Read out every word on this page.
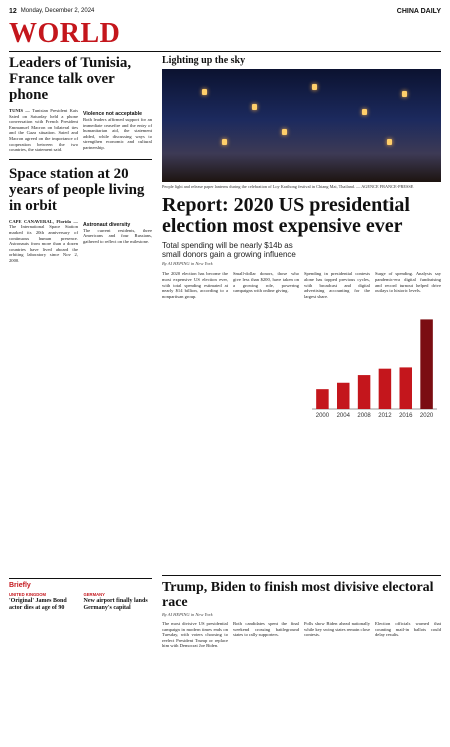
12 Monday, December 2, 2024	CHINA DAILY
WORLD
Leaders of Tunisia, France talk over phone
TUNIS — Tunisian President Kais Saied on Saturday held a phone conversation with French President Emmanuel Macron on bilateral ties and the Gaza situation. Saied and Macron agreed on the importance of cooperation between the two countries, the statement said.
Violence not acceptable
Both leaders affirmed support for an immediate ceasefire and the entry of humanitarian aid, the statement added, while discussing ways to strengthen economic and cultural partnership.
Space station at 20 years of people living in orbit
CAPE CANAVERAL, Florida — The International Space Station marked its 20th anniversary of continuous human presence. Astronauts from more than a dozen countries have lived aboard the orbiting laboratory since Nov 2, 2000.
Astronaut diversity
The current residents, three Americans and four Russians, gathered to reflect on the milestone.
Briefly
UNITED KINGDOM
'Original' James Bond actor dies at age of 90
GERMANY
New airport finally lands Germany's capital
Lighting up the sky
People light and release paper lanterns during the celebration of Loy Krathong festival in Chiang Mai, Thailand. — AGENCE FRANCE-PRESSE
Report: 2020 US presidential election most expensive ever
Total spending will be nearly $14b as small donors gain a growing influence
By AI HEPING in New York
The 2020 election has become the most expensive US election ever, with total spending estimated at nearly $14 billion, according to a nonpartisan group.
Small-dollar donors, those who give less than $200, have taken on a growing role, powering campaigns with online giving.
Spending in presidential contests alone has topped previous cycles, with broadcast and digital advertising accounting for the largest share.
Surge of spending. Analysts say pandemic-era digital fundraising and record turnout helped drive outlays to historic levels.
2000 2004 2008 2012 2016 2020
Trump, Biden to finish most divisive electoral race
By AI HEPING in New York
The most divisive US presidential campaign in modern times ends on Tuesday, with voters choosing to reelect President Trump or replace him with Democrat Joe Biden.
Both candidates spent the final weekend crossing battleground states to rally supporters.
Polls show Biden ahead nationally while key swing states remain close contests.
Election officials warned that counting mail-in ballots could delay results.
